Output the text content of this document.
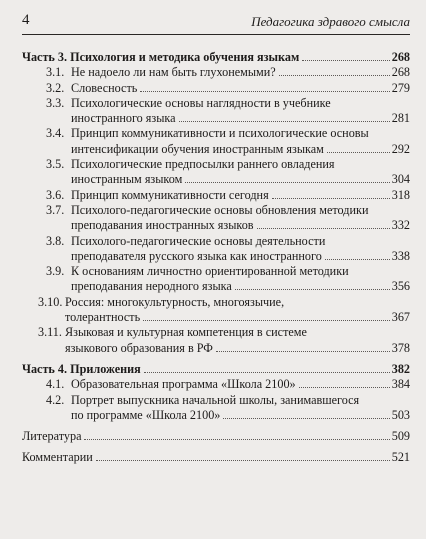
4	Педагогика здравого смысла
Часть 3. Психология и методика обучения языкам	268
3.1. Не надоело ли нам быть глухонемыми?	268
3.2. Словесность	279
3.3. Психологические основы наглядности в учебнике
иностранного языка	281
3.4. Принцип коммуникативности и психологические основы
интенсификации обучения иностранным языкам	292
3.5. Психологические предпосылки раннего овладения
иностранным языком	304
3.6. Принцип коммуникативности сегодня	318
3.7. Психолого-педагогические основы обновления методики
преподавания иностранных языков	332
3.8. Психолого-педагогические основы деятельности
преподавателя русского языка как иностранного	338
3.9. К основаниям личностно ориентированной методики
преподавания неродного языка	356
3.10. Россия: многокультурность, многоязычие,
толерантность	367
3.11. Языковая и культурная компетенция в системе
языкового образования в РФ	378
Часть 4. Приложения	382
4.1. Образовательная программа «Школа 2100»	384
4.2. Портрет выпускника начальной школы, занимавшегося
по программе «Школа 2100»	503
Литература	509
Комментарии	521
